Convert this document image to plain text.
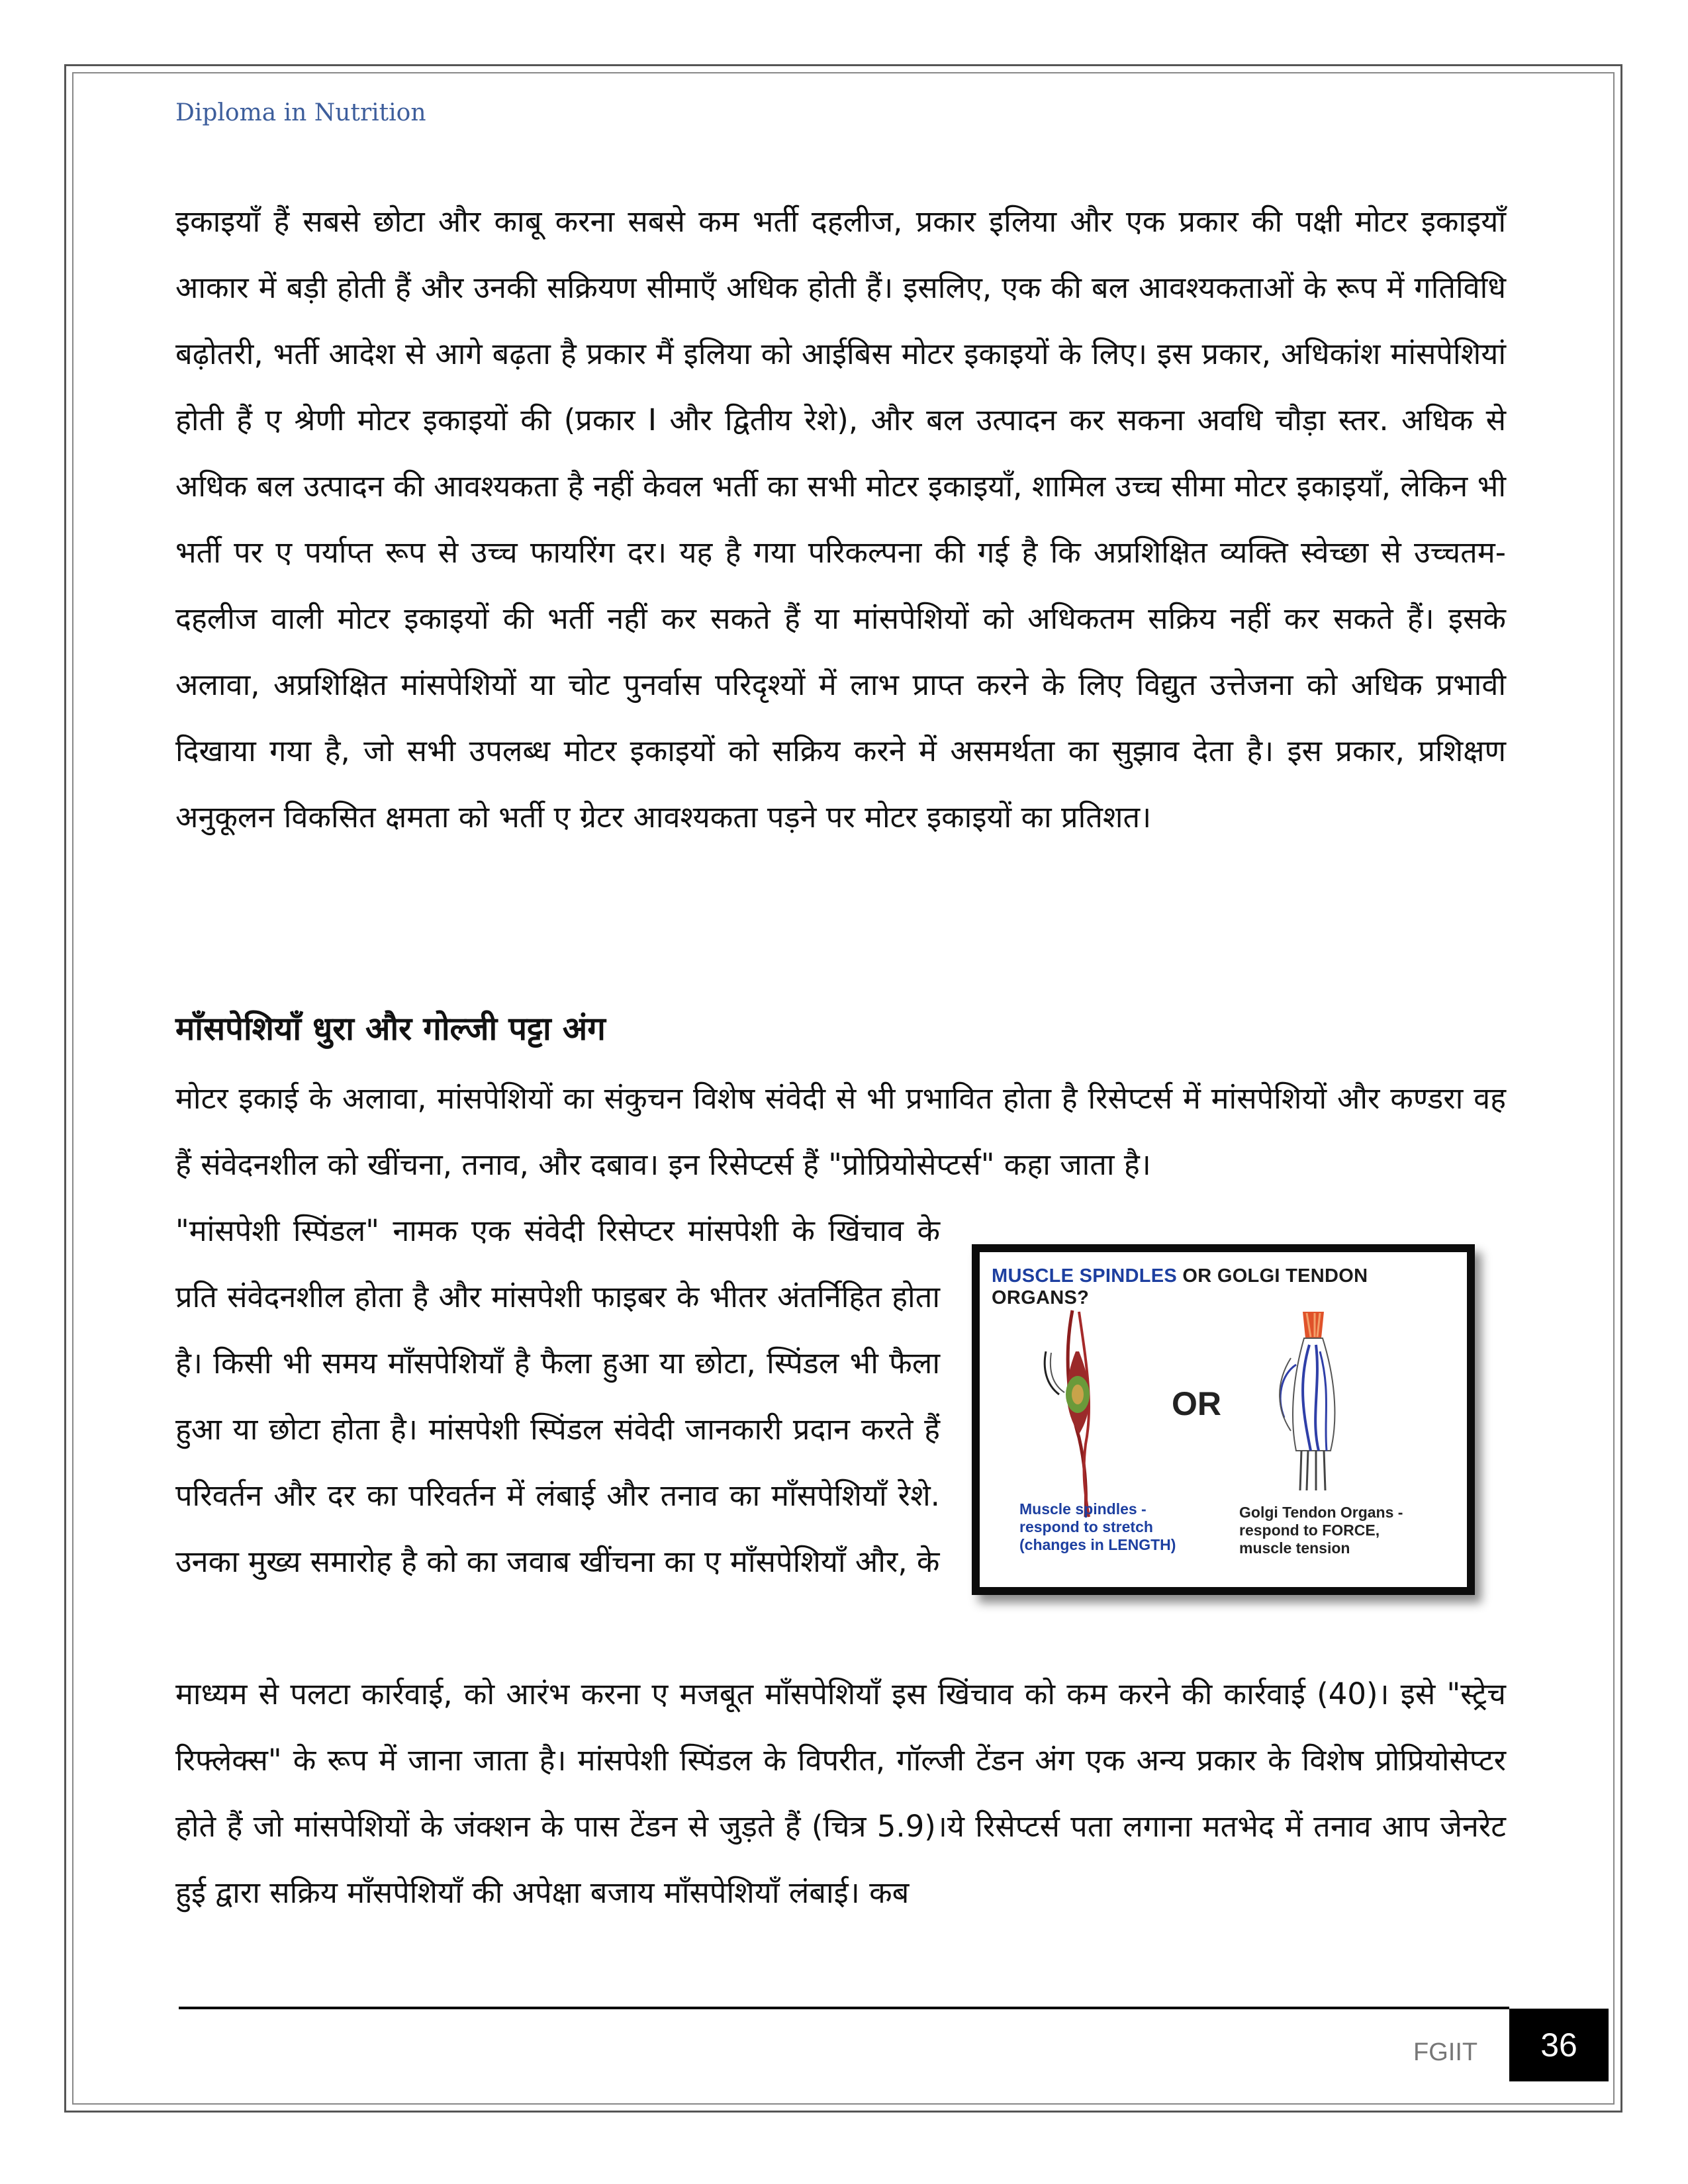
Diploma in Nutrition

इकाइयाँ हैं सबसे छोटा और काबू करना सबसे कम भर्ती दहलीज, प्रकार इलिया और एक प्रकार की पक्षी मोटर इकाइयाँ आकार में बड़ी होती हैं और उनकी सक्रियण सीमाएँ अधिक होती हैं। इसलिए, एक की बल आवश्यकताओं के रूप में गतिविधि बढ़ोतरी, भर्ती आदेश से आगे बढ़ता है प्रकार मैं इलिया को आईबिस मोटर इकाइयों के लिए। इस प्रकार, अधिकांश मांसपेशियां होती हैं ए श्रेणी मोटर इकाइयों की (प्रकार I और द्वितीय रेशे), और बल उत्पादन कर सकना अवधि चौड़ा स्तर. अधिक से अधिक बल उत्पादन की आवश्यकता है नहीं केवल भर्ती का सभी मोटर इकाइयाँ, शामिल उच्च सीमा मोटर इकाइयाँ, लेकिन भी भर्ती पर ए पर्याप्त रूप से उच्च फायरिंग दर। यह है गया परिकल्पना की गई है कि अप्रशिक्षित व्यक्ति स्वेच्छा से उच्चतम-दहलीज वाली मोटर इकाइयों की भर्ती नहीं कर सकते हैं या मांसपेशियों को अधिकतम सक्रिय नहीं कर सकते हैं। इसके अलावा, अप्रशिक्षित मांसपेशियों या चोट पुनर्वास परिदृश्यों में लाभ प्राप्त करने के लिए विद्युत उत्तेजना को अधिक प्रभावी दिखाया गया है, जो सभी उपलब्ध मोटर इकाइयों को सक्रिय करने में असमर्थता का सुझाव देता है। इस प्रकार, प्रशिक्षण अनुकूलन विकसित क्षमता को भर्ती ए ग्रेटर आवश्यकता पड़ने पर मोटर इकाइयों का प्रतिशत।

माँसपेशियाँ धुरा और गोल्जी पट्टा अंग

मोटर इकाई के अलावा, मांसपेशियों का संकुचन विशेष संवेदी से भी प्रभावित होता है रिसेप्टर्स में मांसपेशियों और कण्डरा वह हैं संवेदनशील को खींचना, तनाव, और दबाव। इन रिसेप्टर्स हैं "प्रोप्रियोसेप्टर्स" कहा जाता है।

"मांसपेशी स्पिंडल" नामक एक संवेदी रिसेप्टर मांसपेशी के खिंचाव के प्रति संवेदनशील होता है और मांसपेशी फाइबर के भीतर अंतर्निहित होता है। किसी भी समय माँसपेशियाँ है फैला हुआ या छोटा, स्पिंडल भी फैला हुआ या छोटा होता है। मांसपेशी स्पिंडल संवेदी जानकारी प्रदान करते हैं परिवर्तन और दर का परिवर्तन में लंबाई और तनाव का माँसपेशियाँ रेशे. उनका मुख्य समारोह है को का जवाब खींचना का ए माँसपेशियाँ और, के

MUSCLE SPINDLES OR GOLGI TENDON ORGANS?
OR
Muscle spindles -
respond to stretch
(changes in LENGTH)
Golgi Tendon Organs -
respond to FORCE,
muscle tension

माध्यम से पलटा कार्रवाई, को आरंभ करना ए मजबूत माँसपेशियाँ इस खिंचाव को कम करने की कार्रवाई (40)। इसे "स्ट्रेच रिफ्लेक्स" के रूप में जाना जाता है। मांसपेशी स्पिंडल के विपरीत, गॉल्जी टेंडन अंग एक अन्य प्रकार के विशेष प्रोप्रियोसेप्टर होते हैं जो मांसपेशियों के जंक्शन के पास टेंडन से जुड़ते हैं (चित्र 5.9)।ये रिसेप्टर्स पता लगाना मतभेद में तनाव आप जेनरेट हुई द्वारा सक्रिय माँसपेशियाँ की अपेक्षा बजाय माँसपेशियाँ लंबाई। कब

FGIIT	36
